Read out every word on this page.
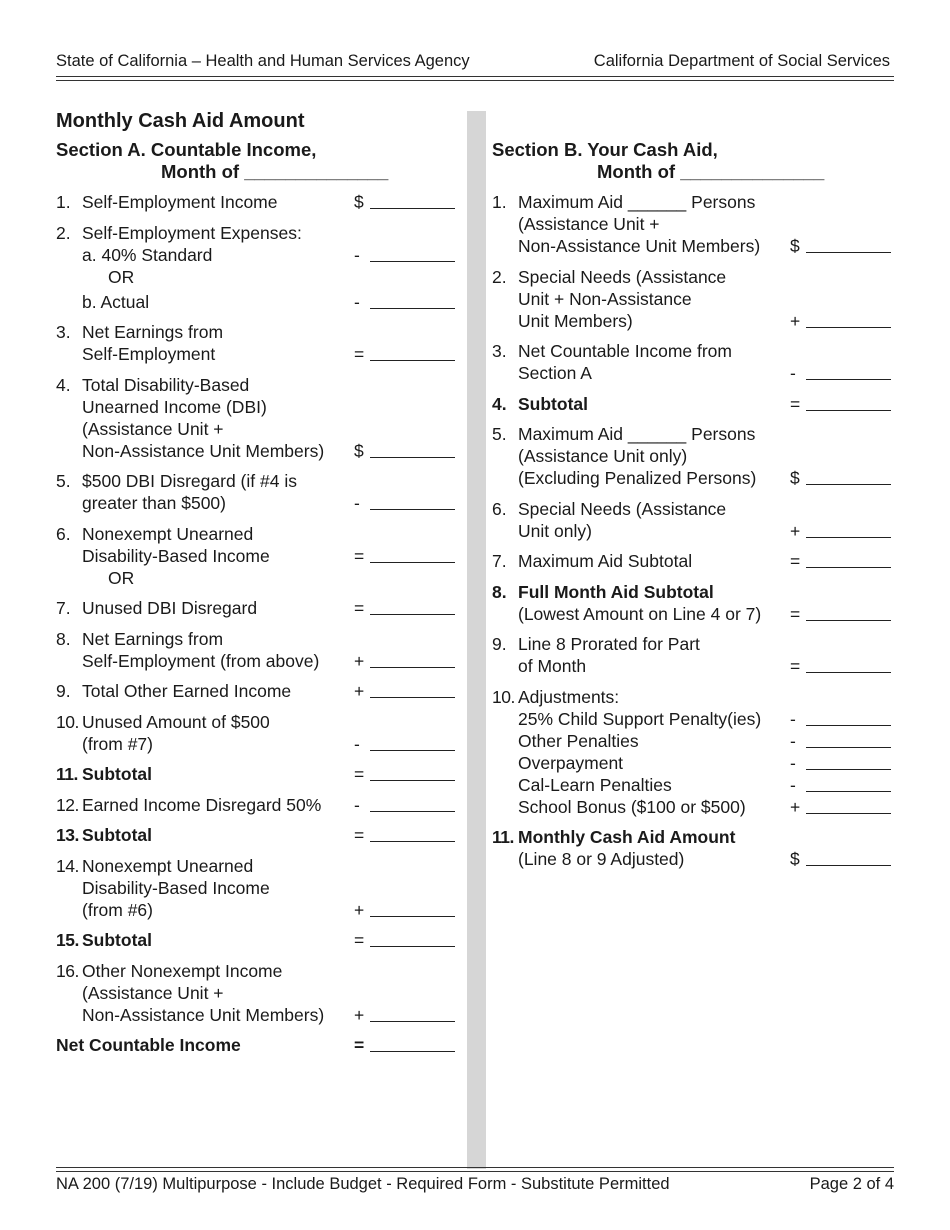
State of California – Health and Human Services Agency	California Department of Social Services
Monthly Cash Aid Amount
Section A. Countable Income,
Month of ______________
1. Self-Employment Income	$
2. Self-Employment Expenses:
a. 40% Standard	-
OR
b. Actual	-
3. Net Earnings from
Self-Employment	=
4. Total Disability-Based
Unearned Income (DBI)
(Assistance Unit +
Non-Assistance Unit Members)	$
5. $500 DBI Disregard (if #4 is
greater than $500)	-
6. Nonexempt Unearned
Disability-Based Income	=
OR
7. Unused DBI Disregard	=
8. Net Earnings from
Self-Employment (from above)	+
9. Total Other Earned Income	+
10. Unused Amount of $500
(from #7)	-
11. Subtotal	=
12. Earned Income Disregard 50%	-
13. Subtotal	=
14. Nonexempt Unearned
Disability-Based Income
(from #6)	+
15. Subtotal	=
16. Other Nonexempt Income
(Assistance Unit +
Non-Assistance Unit Members)	+
Net Countable Income	=
Section B. Your Cash Aid,
Month of ______________
1. Maximum Aid ______ Persons
(Assistance Unit +
Non-Assistance Unit Members)	$
2. Special Needs (Assistance
Unit + Non-Assistance
Unit Members)	+
3. Net Countable Income from
Section A	-
4. Subtotal	=
5. Maximum Aid ______ Persons
(Assistance Unit only)
(Excluding Penalized Persons)	$
6. Special Needs (Assistance
Unit only)	+
7. Maximum Aid Subtotal	=
8. Full Month Aid Subtotal
(Lowest Amount on Line 4 or 7)	=
9. Line 8 Prorated for Part
of Month	=
10. Adjustments:
25% Child Support Penalty(ies) -
Other Penalties	-
Overpayment	-
Cal-Learn Penalties	-
School Bonus ($100 or $500)	+
11. Monthly Cash Aid Amount
(Line 8 or 9 Adjusted)	$
NA 200 (7/19) Multipurpose - Include Budget - Required Form - Substitute Permitted	Page 2 of 4
